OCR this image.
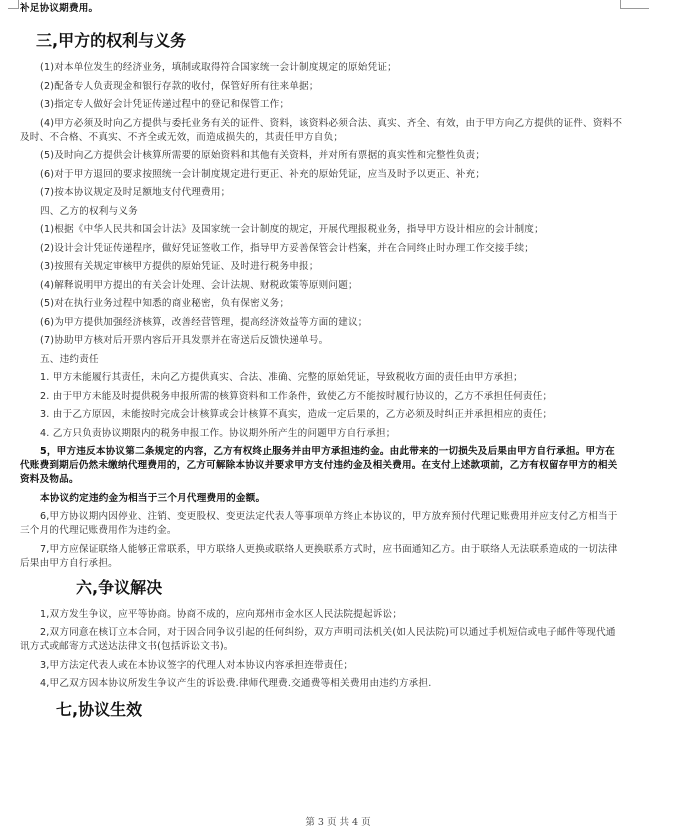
补足协议期费用。

三,甲方的权利与义务

(1)对本单位发生的经济业务，填制或取得符合国家统一会计制度规定的原始凭证；

(2)配备专人负责现金和银行存款的收付，保管好所有往来单据；

(3)指定专人做好会计凭证传递过程中的登记和保管工作；

(4)甲方必须及时向乙方提供与委托业务有关的证件、资料，该资料必须合法、真实、齐全、有效，由于甲方向乙方提供的证件、资料不及时、不合格、不真实、不齐全或无效，而造成损失的，其责任甲方自负；

(5)及时向乙方提供会计核算所需要的原始资料和其他有关资料，并对所有票据的真实性和完整性负责；

(6)对于甲方退回的要求按照统一会计制度规定进行更正、补充的原始凭证，应当及时予以更正、补充；

(7)按本协议规定及时足额地支付代理费用；

四、乙方的权利与义务

(1)根据《中华人民共和国会计法》及国家统一会计制度的规定，开展代理报税业务，指导甲方设计相应的会计制度；

(2)设计会计凭证传递程序，做好凭证签收工作，指导甲方妥善保管会计档案，并在合同终止时办理工作交接手续；

(3)按照有关规定审核甲方提供的原始凭证、及时进行税务申报；

(4)解释说明甲方提出的有关会计处理、会计法规、财税政策等原则问题；

(5)对在执行业务过程中知悉的商业秘密，负有保密义务；

(6)为甲方提供加强经济核算，改善经营管理，提高经济效益等方面的建议；

(7)协助甲方核对后开票内容后开具发票并在寄送后反馈快递单号。

五、违约责任

1. 甲方未能履行其责任，未向乙方提供真实、合法、准确、完整的原始凭证，导致税收方面的责任由甲方承担；

2. 由于甲方未能及时提供税务申报所需的核算资料和工作条件，致使乙方不能按时履行协议的，乙方不承担任何责任；

3. 由于乙方原因，未能按时完成会计核算或会计核算不真实，造成一定后果的，乙方必须及时纠正并承担相应的责任；

4. 乙方只负责协议期限内的税务申报工作。协议期外所产生的问题甲方自行承担；

5，甲方违反本协议第二条规定的内容，乙方有权终止服务并由甲方承担违约金。由此带来的一切损失及后果由甲方自行承担。甲方在代账费到期后仍然未缴纳代理费用的，乙方可解除本协议并要求甲方支付违约金及相关费用。在支付上述款项前，乙方有权留存甲方的相关资料及物品。

本协议约定违约金为相当于三个月代理费用的金额。

6,甲方协议期内因停业、注销、变更股权、变更法定代表人等事项单方终止本协议的，甲方放弃预付代理记账费用并应支付乙方相当于三个月的代理记账费用作为违约金。

7,甲方应保证联络人能够正常联系，甲方联络人更换或联络人更换联系方式时，应书面通知乙方。由于联络人无法联系造成的一切法律后果由甲方自行承担。

六,争议解决

1,双方发生争议，应平等协商。协商不成的，应向郑州市金水区人民法院提起诉讼；

2,双方同意在核订立本合同，对于因合同争议引起的任何纠纷，双方声明司法机关(如人民法院)可以通过手机短信或电子邮件等现代通讯方式或邮寄方式送达法律文书(包括诉讼文书)。

3,甲方法定代表人或在本协议签字的代理人对本协议内容承担连带责任；

4,甲乙双方因本协议所发生争议产生的诉讼费.律师代理费.交通费等相关费用由违约方承担.

七,协议生效
第 3 页 共 4 页
